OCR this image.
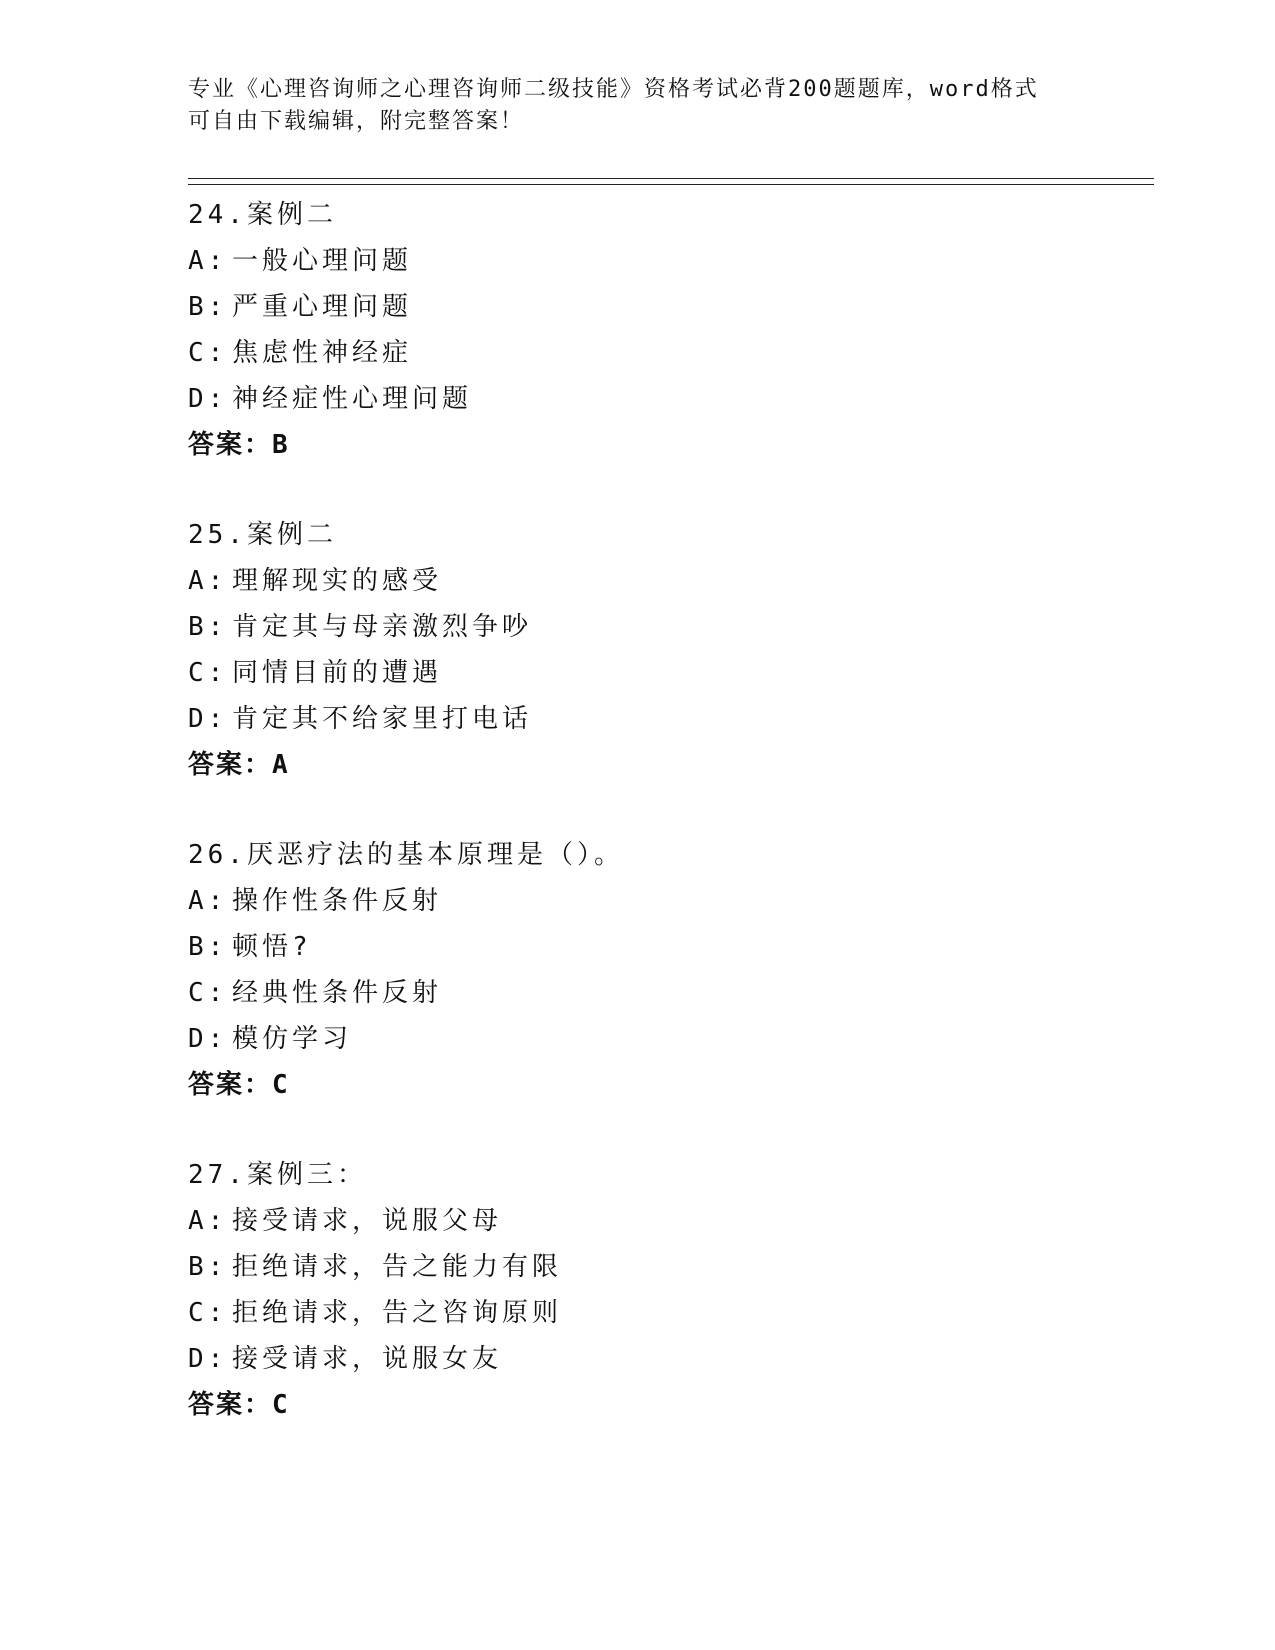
专业《心理咨询师之心理咨询师二级技能》资格考试必背200题题库，word格式
可自由下载编辑，附完整答案！
24.案例二
A: 一般心理问题
B: 严重心理问题
C: 焦虑性神经症
D: 神经症性心理问题
答案：B
25.案例二
A: 理解现实的感受
B: 肯定其与母亲激烈争吵
C: 同情目前的遭遇
D: 肯定其不给家里打电话
答案：A
26.厌恶疗法的基本原理是（）。
A: 操作性条件反射
B: 顿悟?
C: 经典性条件反射
D: 模仿学习
答案：C
27.案例三：
A: 接受请求，说服父母
B: 拒绝请求，告之能力有限
C: 拒绝请求，告之咨询原则
D: 接受请求，说服女友
答案：C
